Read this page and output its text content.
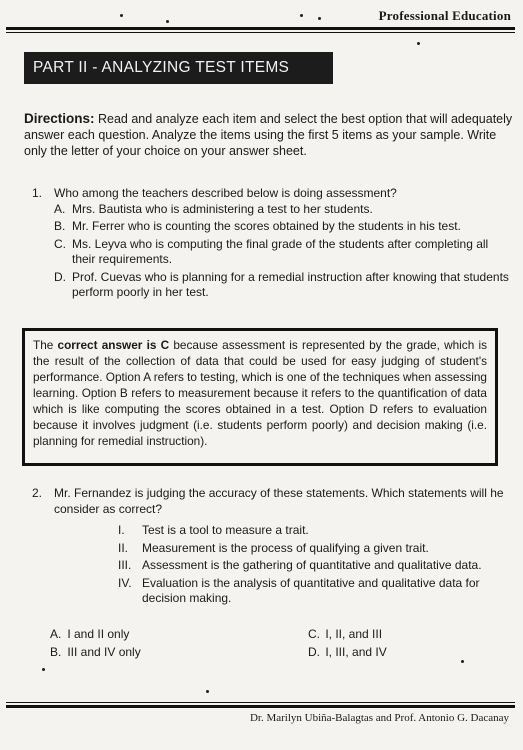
Professional Education
PART II - ANALYZING TEST ITEMS
Directions: Read and analyze each item and select the best option that will adequately answer each question. Analyze the items using the first 5 items as your sample. Write only the letter of your choice on your answer sheet.
1. Who among the teachers described below is doing assessment?
A. Mrs. Bautista who is administering a test to her students.
B. Mr. Ferrer who is counting the scores obtained by the students in his test.
C. Ms. Leyva who is computing the final grade of the students after completing all their requirements.
D. Prof. Cuevas who is planning for a remedial instruction after knowing that students perform poorly in her test.
The correct answer is C because assessment is represented by the grade, which is the result of the collection of data that could be used for easy judging of student's performance. Option A refers to testing, which is one of the techniques when assessing learning. Option B refers to measurement because it refers to the quantification of data which is like computing the scores obtained in a test. Option D refers to evaluation because it involves judgment (i.e. students perform poorly) and decision making (i.e. planning for remedial instruction).
2. Mr. Fernandez is judging the accuracy of these statements. Which statements will he consider as correct?
I. Test is a tool to measure a trait.
II. Measurement is the process of qualifying a given trait.
III. Assessment is the gathering of quantitative and qualitative data.
IV. Evaluation is the analysis of quantitative and qualitative data for decision making.
A. I and II only
B. III and IV only
C. I, II, and III
D. I, III, and IV
Dr. Marilyn Ubiña-Balagtas and Prof. Antonio G. Dacanay
